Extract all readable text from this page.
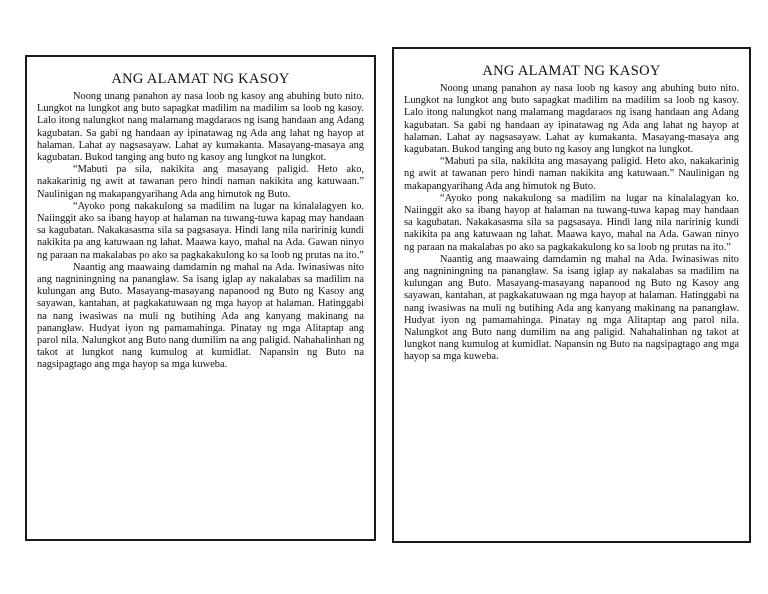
ANG ALAMAT NG KASOY

Noong unang panahon ay nasa loob ng kasoy ang abuhing buto nito. Lungkot na lungkot ang buto sapagkat madilim na madilim sa loob ng kasoy. Lalo itong nalungkot nang malamang magdaraos ng isang handaan ang Adang kagubatan. Sa gabi ng handaan ay ipinatawag ng Ada ang lahat ng hayop at halaman. Lahat ay nagsasayaw. Lahat ay kumakanta. Masayang-masaya ang kagubatan. Bukod tanging ang buto ng kasoy ang lungkot na lungkot.

“Mabuti pa sila, nakikita ang masayang paligid. Heto ako, nakakarinig ng awit at tawanan pero hindi naman nakikita ang katuwaan.” Naulinigan ng makapangyarihang Ada ang himutok ng Buto.

“Ayoko pong nakakulong sa madilim na lugar na kinalalagyen ko. Naiinggit ako sa ibang hayop at halaman na tuwang-tuwa kapag may handaan sa kagubatan. Nakakasasma sila sa pagsasaya. Hindi lang nila naririnig kundi nakikita pa ang katuwaan ng lahat. Maawa kayo, mahal na Ada. Gawan ninyo ng paraan na makalabas po ako sa pagkakakulong ko sa loob ng prutas na ito.”

Naantig ang maawaing damdamin ng mahal na Ada. Iwinasiwas nito ang nagniningning na panangław. Sa isang iglap ay nakalabas sa madilim na kulungan ang Buto. Masayang-masayang napanood ng Buto ng Kasoy ang sayawan, kantahan, at pagkakatuwaan ng mga hayop at halaman. Hatinggabi na nang iwasiwas na muli ng butihing Ada ang kanyang makinang na panangław. Hudyat iyon ng pamamahinga. Pinatay ng mga Alitaptap ang parol nila. Nalungkot ang Buto nang dumilim na ang paligid. Nahahalinhan ng takot at lungkot nang kumulog at kumidlat. Napansin ng Buto na nagsipagtago ang mga hayop sa mga kuweba.

ANG ALAMAT NG KASOY

Noong unang panahon ay nasa loob ng kasoy ang abuhing buto nito. Lungkot na lungkot ang buto sapagkat madilim na madilim sa loob ng kasoy. Lalo itong nalungkot nang malamang magdaraos ng isang handaan ang Adang kagubatan. Sa gabi ng handaan ay ipinatawag ng Ada ang lahat ng hayop at halaman. Lahat ay nagsasayaw. Lahat ay kumakanta. Masayang-masaya ang kagubatan. Bukod tanging ang buto ng kasoy ang lungkot na lungkot.

“Mabuti pa sila, nakikita ang masayang paligid. Heto ako, nakakarinig ng awit at tawanan pero hindi naman nakikita ang katuwaan.” Naulinigan ng makapangyarihang Ada ang himutok ng Buto.

“Ayoko pong nakakulong sa madilim na lugar na kinalalagyan ko. Naiinggit ako sa ibang hayop at halaman na tuwang-tuwa kapag may handaan sa kagubatan. Nakakasasma sila sa pagsasaya. Hindi lang nila naririnig kundi nakikita pa ang katuwaan ng lahat. Maawa kayo, mahal na Ada. Gawan ninyo ng paraan na makalabas po ako sa pagkakakulong ko sa loob ng prutas na ito.”

Naantig ang maawaing damdamin ng mahal na Ada. Iwinasiwas nito ang nagniningning na panangław. Sa isang iglap ay nakalabas sa madilim na kulungan ang Buto. Masayang-masayang napanood ng Buto ng Kasoy ang sayawan, kantahan, at pagkakatuwaan ng mga hayop at halaman. Hatinggabi na nang iwasiwas na muli ng butihing Ada ang kanyang makinang na panangław. Hudyat iyon ng pamamahinga. Pinatay ng mga Alitaptap ang parol nila. Nalungkot ang Buto nang dumilim na ang paligid. Nahahalinhan ng takot at lungkot nang kumulog at kumidlat. Napansin ng Buto na nagsipagtago ang mga hayop sa mga kuweba.
